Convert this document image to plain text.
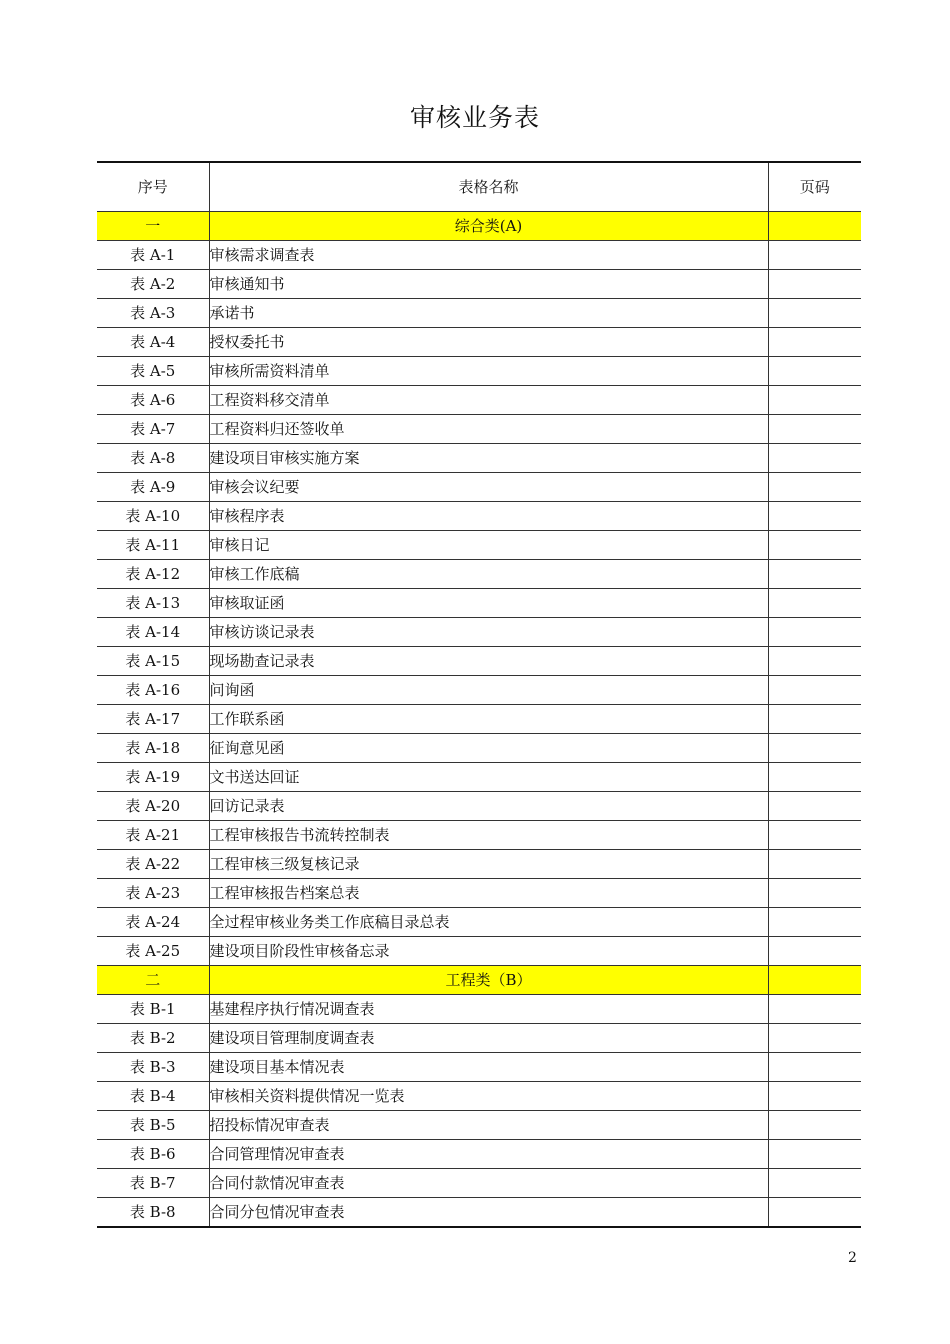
审核业务表
序号	表格名称	页码
一	综合类(A)	
表 A-1	审核需求调查表	
表 A-2	审核通知书	
表 A-3	承诺书	
表 A-4	授权委托书	
表 A-5	审核所需资料清单	
表 A-6	工程资料移交清单	
表 A-7	工程资料归还签收单	
表 A-8	建设项目审核实施方案	
表 A-9	审核会议纪要	
表 A-10	审核程序表	
表 A-11	审核日记	
表 A-12	审核工作底稿	
表 A-13	审核取证函	
表 A-14	审核访谈记录表	
表 A-15	现场勘查记录表	
表 A-16	问询函	
表 A-17	工作联系函	
表 A-18	征询意见函	
表 A-19	文书送达回证	
表 A-20	回访记录表	
表 A-21	工程审核报告书流转控制表	
表 A-22	工程审核三级复核记录	
表 A-23	工程审核报告档案总表	
表 A-24	全过程审核业务类工作底稿目录总表	
表 A-25	建设项目阶段性审核备忘录	
二	工程类（B）	
表 B-1	基建程序执行情况调查表	
表 B-2	建设项目管理制度调查表	
表 B-3	建设项目基本情况表	
表 B-4	审核相关资料提供情况一览表	
表 B-5	招投标情况审查表	
表 B-6	合同管理情况审查表	
表 B-7	合同付款情况审查表	
表 B-8	合同分包情况审查表	
2
